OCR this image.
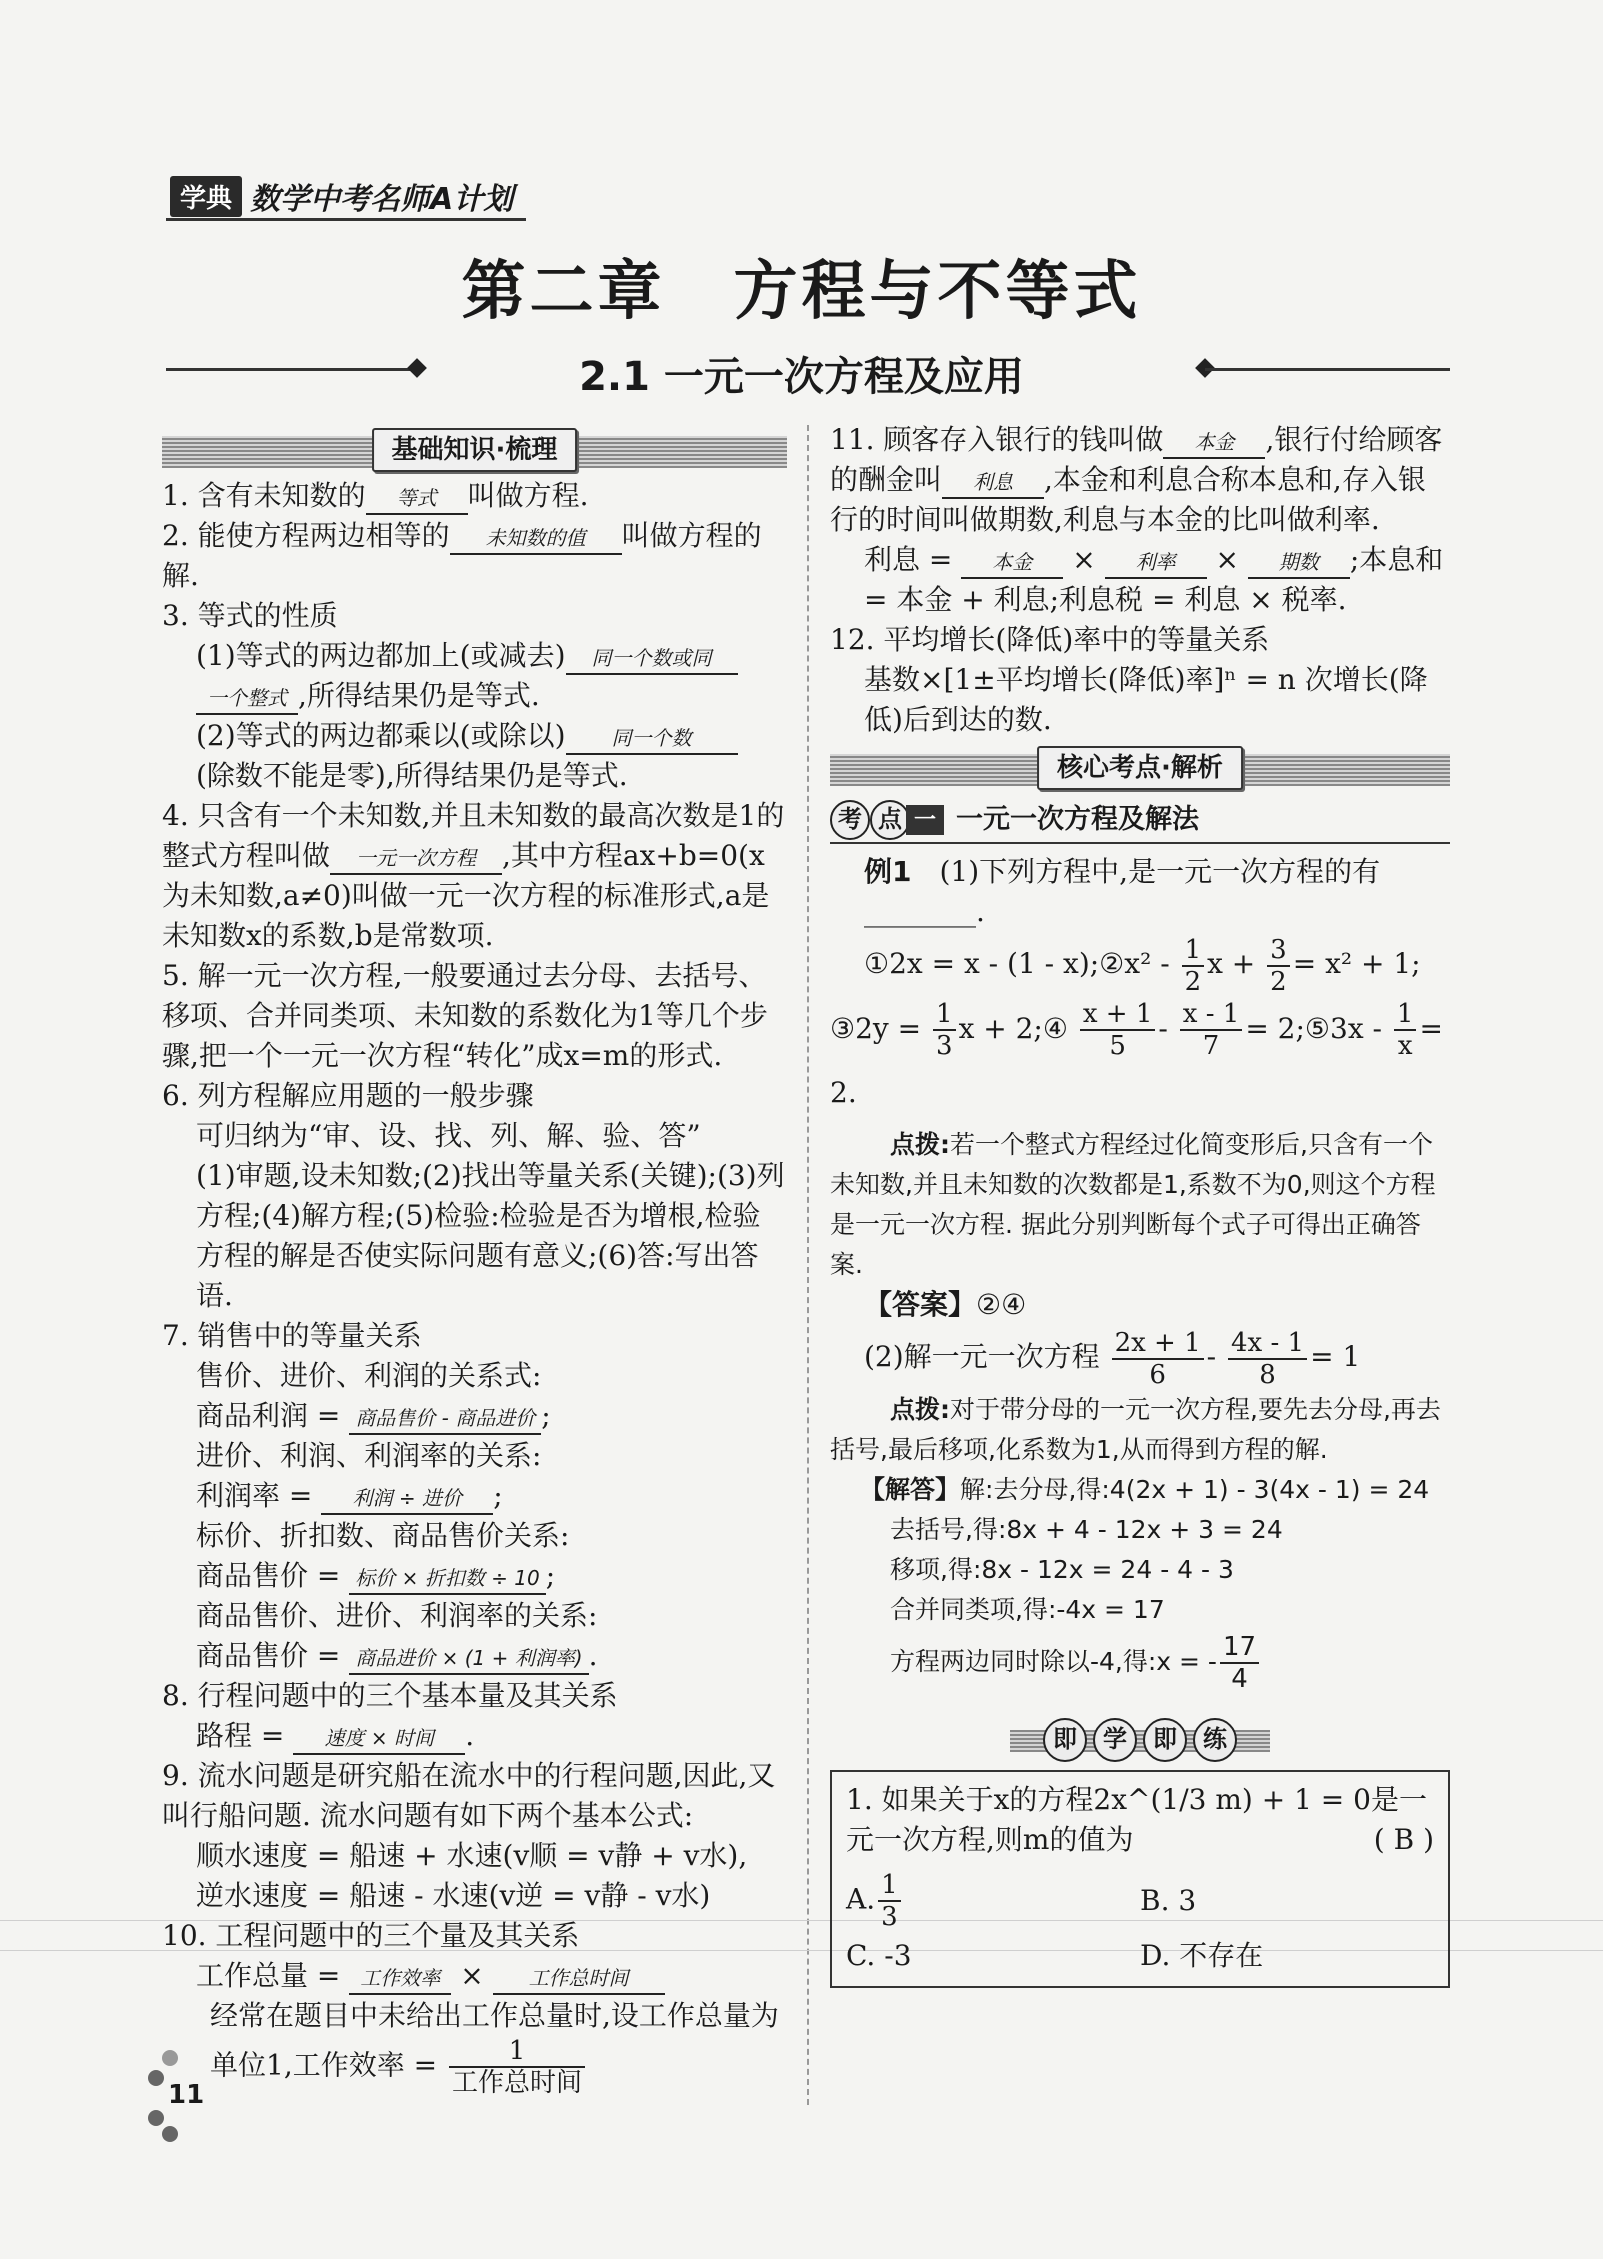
学典 数学中考名师A计划
第二章　方程与不等式
2.1 一元一次方程及应用
基础知识·梳理

1. 含有未知数的 等式 叫做方程.

2. 能使方程两边相等的 未知数的值 叫做方程的解.

3. 等式的性质

(1)等式的两边都加上(或减去) 同一个数或同
一个整式 ,所得结果仍是等式.

(2)等式的两边都乘以(或除以) 同一个数
(除数不能是零),所得结果仍是等式.

4. 只含有一个未知数,并且未知数的最高次数是1的整式方程叫做 一元一次方程 ,其中方程ax+b=0(x为未知数,a≠0)叫做一元一次方程的标准形式,a是未知数x的系数,b是常数项.

5. 解一元一次方程,一般要通过去分母、去括号、移项、合并同类项、未知数的系数化为1等几个步骤,把一个一元一次方程“转化”成x=m的形式.

6. 列方程解应用题的一般步骤

可归纳为“审、设、找、列、解、验、答”

(1)审题,设未知数;(2)找出等量关系(关键);(3)列方程;(4)解方程;(5)检验:检验是否为增根,检验方程的解是否使实际问题有意义;(6)答:写出答语.

7. 销售中的等量关系

售价、进价、利润的关系式:

商品利润 = 商品售价 - 商品进价 ;

进价、利润、利润率的关系:

利润率 = 利润 ÷ 进价 ;

标价、折扣数、商品售价关系:

商品售价 = 标价 × 折扣数 ÷ 10 ;

商品售价、进价、利润率的关系:

商品售价 = 商品进价 × (1 + 利润率) .

8. 行程问题中的三个基本量及其关系

路程 = 速度 × 时间 .

9. 流水问题是研究船在流水中的行程问题,因此,又叫行船问题. 流水问题有如下两个基本公式:

顺水速度 = 船速 + 水速(v顺 = v静 + v水),

逆水速度 = 船速 - 水速(v逆 = v静 - v水)

10. 工程问题中的三个量及其关系

工作总量 = 工作效率 × 工作总时间

经常在题目中未给出工作总量时,设工作总量为单位1,工作效率 = $\frac{1}{\text{工作总时间}}$

11. 顾客存入银行的钱叫做 本金 ,银行付给顾客的酬金叫 利息 ,本金和利息合称本息和,存入银行的时间叫做期数,利息与本金的比叫做利率.

利息 = 本金 × 利率 × 期数 ;本息和 = 本金 + 利息;利息税 = 利息 × 税率.

12. 平均增长(降低)率中的等量关系

基数×[1±平均增长(降低)率]ⁿ = n 次增长(降低)后到达的数.

核心考点·解析
考 点 一 一元一次方程及解法

例1　 (1)下列方程中,是一元一次方程的有________.

①2x = x - (1 - x);②x² - $\frac{1}{2}$ $x + \frac{3}{2} = x^2 + 1$;

③2y = $\frac{1}{3}$ x + 2;④ $\frac{x + 1}{5} - \frac{x - 1}{7}$ = 2;⑤3x - $\frac{1}{x} = 2$.

点拨:若一个整式方程经过化简变形后,只含有一个未知数,并且未知数的次数都是1,系数不为0,则这个方程是一元一次方程. 据此分别判断每个式子可得出正确答案.

【答案】②④

(2)解一元一次方程 $\frac{2x + 1}{6} - \frac{4x - 1}{8} = 1$

点拨:对于带分母的一元一次方程,要先去分母,再去括号,最后移项,化系数为1,从而得到方程的解.

【解答】解:去分母,得:4(2x + 1) - 3(4x - 1) = 24

去括号,得:8x + 4 - 12x + 3 = 24

移项,得:8x - 12x = 24 - 4 - 3

合并同类项,得:-4x = 17

方程两边同时除以-4,得:x = - $\frac{17}{4}$

即	学	即	练

1. 如果关于x的方程2x^(1/3 m) + 1 = 0是一元一次方程,则m的值为	( B )

A. $\frac{1}{3}$	B. 3
C. -3	D. 不存在
11
